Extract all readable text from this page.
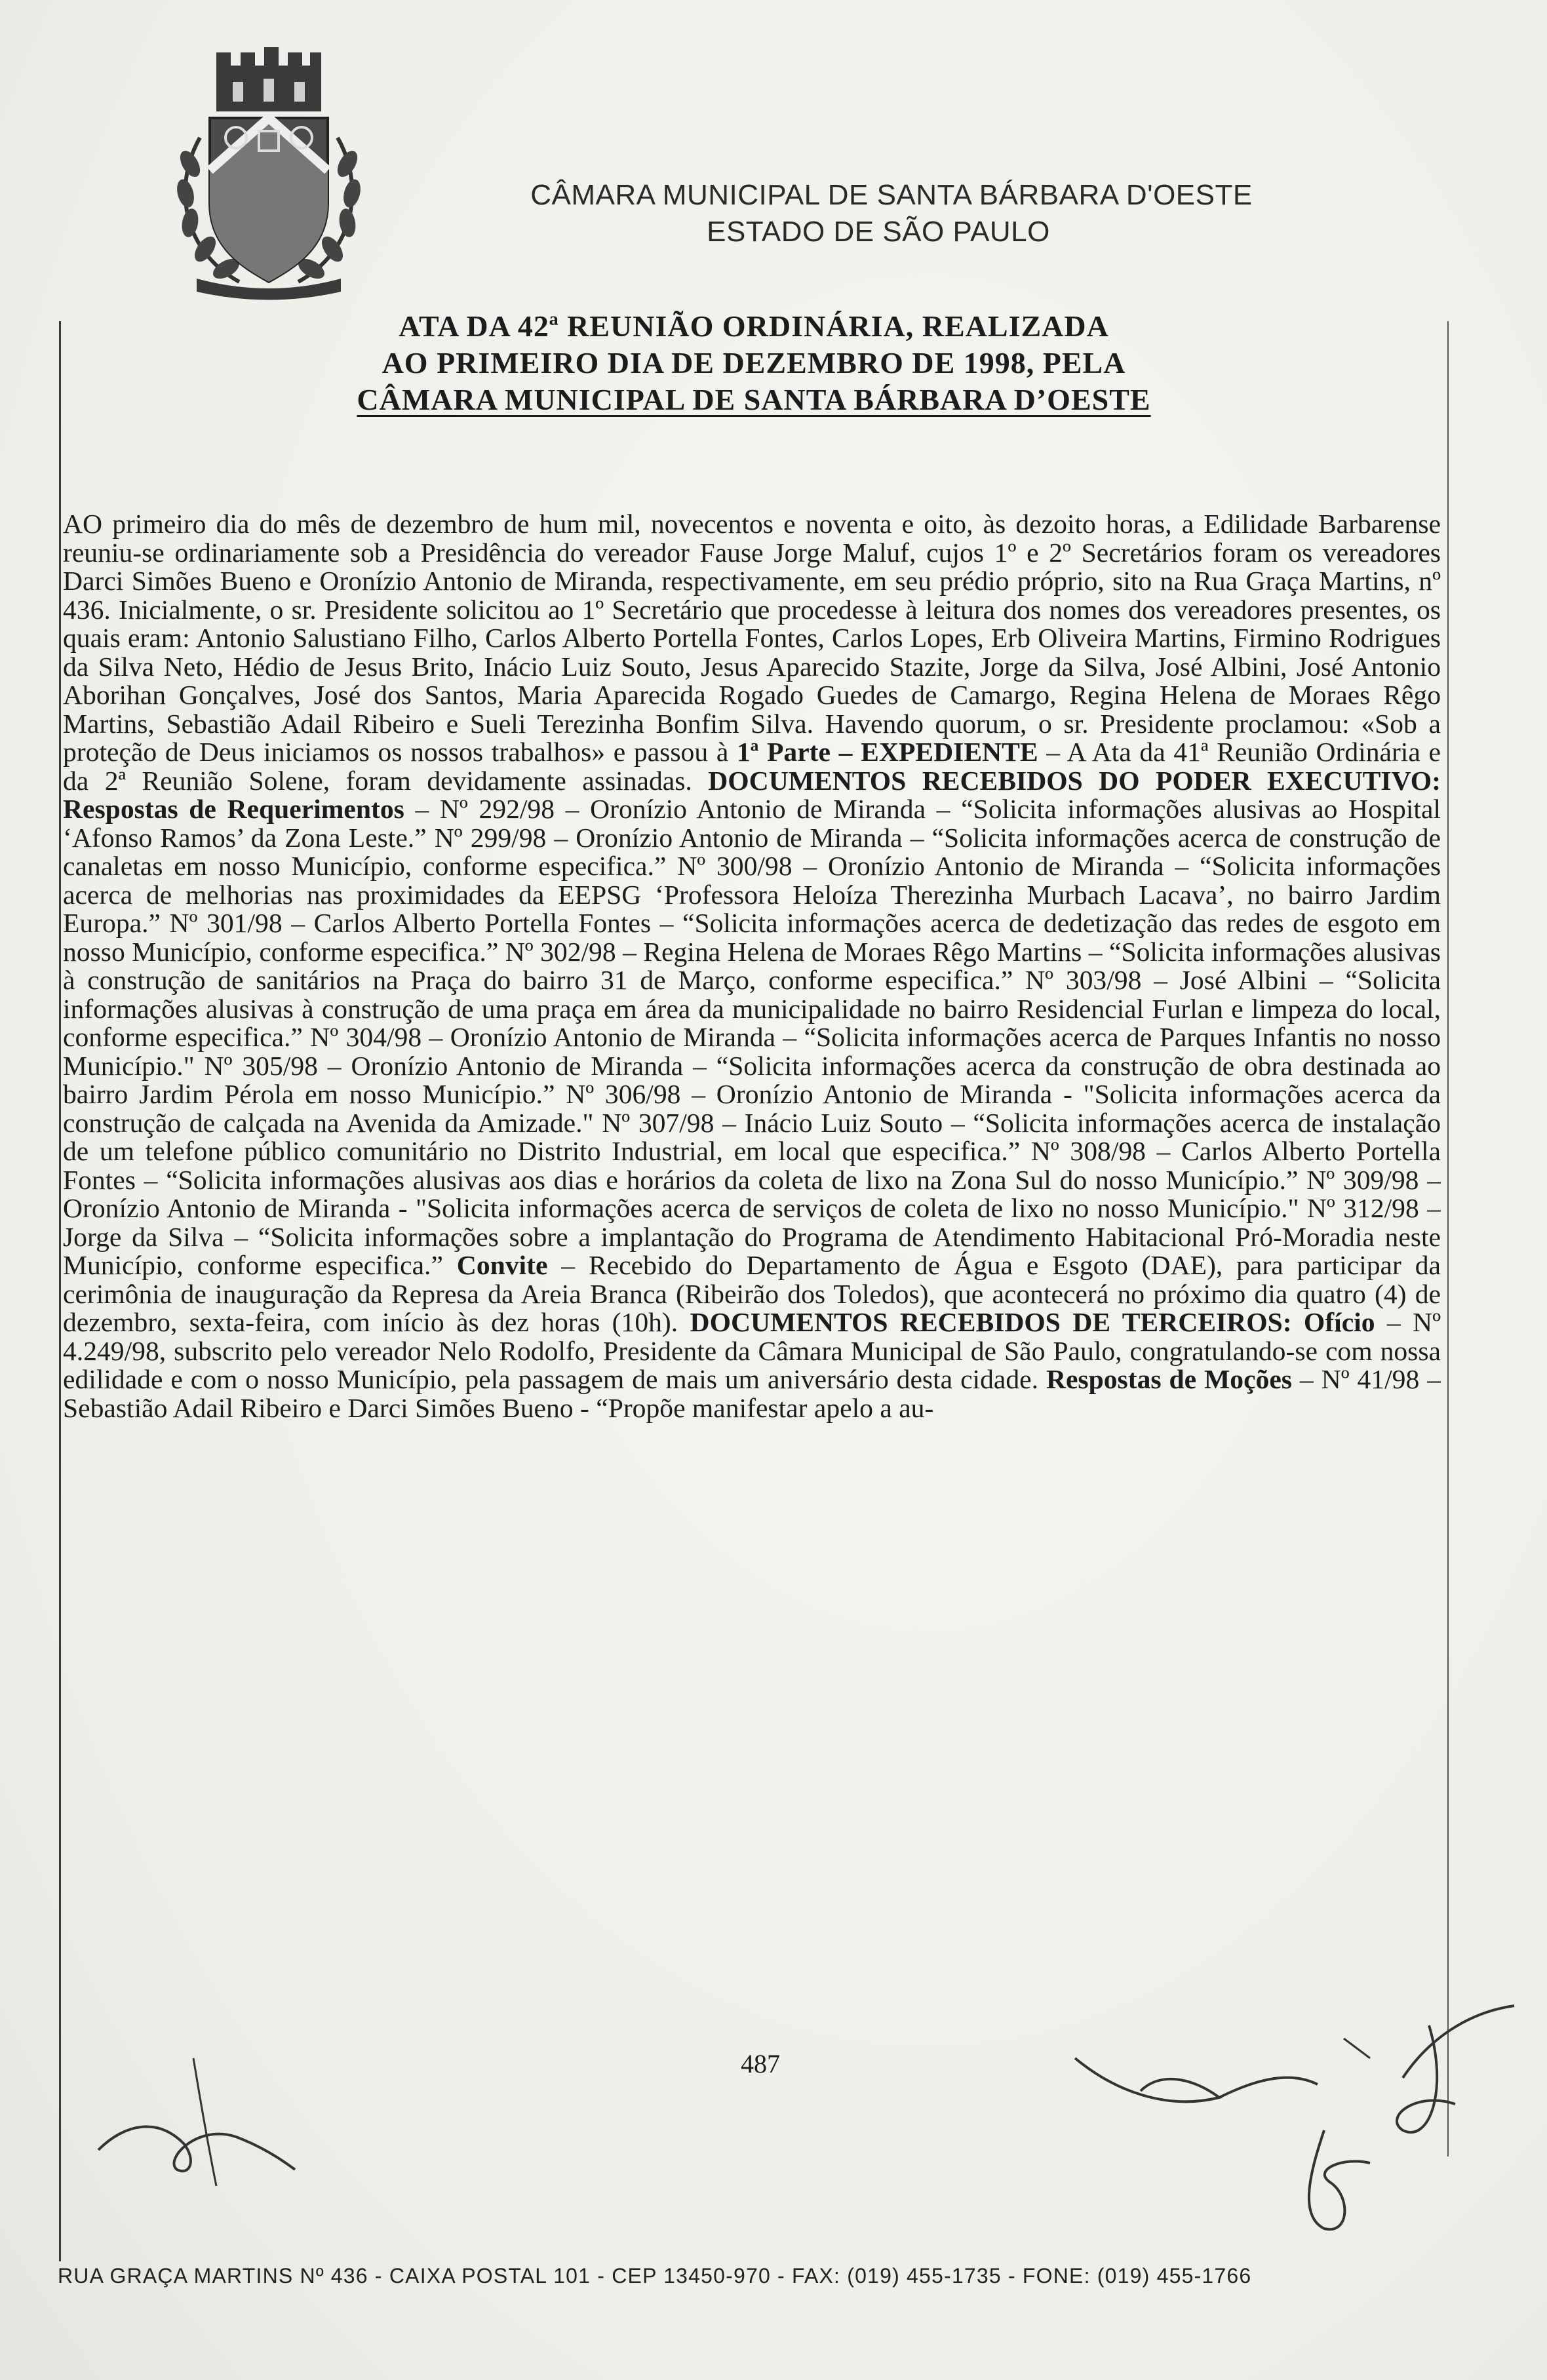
CÂMARA MUNICIPAL DE SANTA BÁRBARA D'OESTE
ESTADO DE SÃO PAULO
ATA DA 42ª REUNIÃO ORDINÁRIA, REALIZADA
AO PRIMEIRO DIA DE DEZEMBRO DE 1998, PELA
CÂMARA MUNICIPAL DE SANTA BÁRBARA D’OESTE
AO primeiro dia do mês de dezembro de hum mil, novecentos e noventa e oito, às dezoito horas, a Edilidade Barbarense reuniu-se ordinariamente sob a Presidência do vereador Fause Jorge Maluf, cujos 1º e 2º Secretários foram os vereadores Darci Simões Bueno e Oronízio Antonio de Miranda, respectivamente, em seu prédio próprio, sito na Rua Graça Martins, nº 436. Inicialmente, o sr. Presidente solicitou ao 1º Secretário que procedesse à leitura dos nomes dos vereadores presentes, os quais eram: Antonio Salustiano Filho, Carlos Alberto Portella Fontes, Carlos Lopes, Erb Oliveira Martins, Firmino Rodrigues da Silva Neto, Hédio de Jesus Brito, Inácio Luiz Souto, Jesus Aparecido Stazite, Jorge da Silva, José Albini, José Antonio Aborihan Gonçalves, José dos Santos, Maria Aparecida Rogado Guedes de Camargo, Regina Helena de Moraes Rêgo Martins, Sebastião Adail Ribeiro e Sueli Terezinha Bonfim Silva. Havendo quorum, o sr. Presidente proclamou: «Sob a proteção de Deus iniciamos os nossos trabalhos» e passou à 1ª Parte – EXPEDIENTE – A Ata da 41ª Reunião Ordinária e da 2ª Reunião Solene, foram devidamente assinadas. DOCUMENTOS RECEBIDOS DO PODER EXECUTIVO: Respostas de Requerimentos – Nº 292/98 – Oronízio Antonio de Miranda – “Solicita informações alusivas ao Hospital ‘Afonso Ramos’ da Zona Leste.” Nº 299/98 – Oronízio Antonio de Miranda – “Solicita informações acerca de construção de canaletas em nosso Município, conforme especifica.” Nº 300/98 – Oronízio Antonio de Miranda – “Solicita informações acerca de melhorias nas proximidades da EEPSG ‘Professora Heloíza Therezinha Murbach Lacava’, no bairro Jardim Europa.” Nº 301/98 – Carlos Alberto Portella Fontes – “Solicita informações acerca de dedetização das redes de esgoto em nosso Município, conforme especifica.” Nº 302/98 – Regina Helena de Moraes Rêgo Martins – “Solicita informações alusivas à construção de sanitários na Praça do bairro 31 de Março, conforme especifica.” Nº 303/98 – José Albini – “Solicita informações alusivas à construção de uma praça em área da municipalidade no bairro Residencial Furlan e limpeza do local, conforme especifica.” Nº 304/98 – Oronízio Antonio de Miranda – “Solicita informações acerca de Parques Infantis no nosso Município." Nº 305/98 – Oronízio Antonio de Miranda – “Solicita informações acerca da construção de obra destinada ao bairro Jardim Pérola em nosso Município.” Nº 306/98 – Oronízio Antonio de Miranda - "Solicita informações acerca da construção de calçada na Avenida da Amizade." Nº 307/98 – Inácio Luiz Souto – “Solicita informações acerca de instalação de um telefone público comunitário no Distrito Industrial, em local que especifica.” Nº 308/98 – Carlos Alberto Portella Fontes – “Solicita informações alusivas aos dias e horários da coleta de lixo na Zona Sul do nosso Município.” Nº 309/98 – Oronízio Antonio de Miranda - "Solicita informações acerca de serviços de coleta de lixo no nosso Município." Nº 312/98 – Jorge da Silva – “Solicita informações sobre a implantação do Programa de Atendimento Habitacional Pró-Moradia neste Município, conforme especifica.” Convite – Recebido do Departamento de Água e Esgoto (DAE), para participar da cerimônia de inauguração da Represa da Areia Branca (Ribeirão dos Toledos), que acontecerá no próximo dia quatro (4) de dezembro, sexta-feira, com início às dez horas (10h). DOCUMENTOS RECEBIDOS DE TERCEIROS: Ofício – Nº 4.249/98, subscrito pelo vereador Nelo Rodolfo, Presidente da Câmara Municipal de São Paulo, congratulando-se com nossa edilidade e com o nosso Município, pela passagem de mais um aniversário desta cidade. Respostas de Moções – Nº 41/98 – Sebastião Adail Ribeiro e Darci Simões Bueno - “Propõe manifestar apelo a au-
487
RUA GRAÇA MARTINS Nº 436 - CAIXA POSTAL 101 - CEP 13450-970 - FAX: (019) 455-1735 - FONE: (019) 455-1766
